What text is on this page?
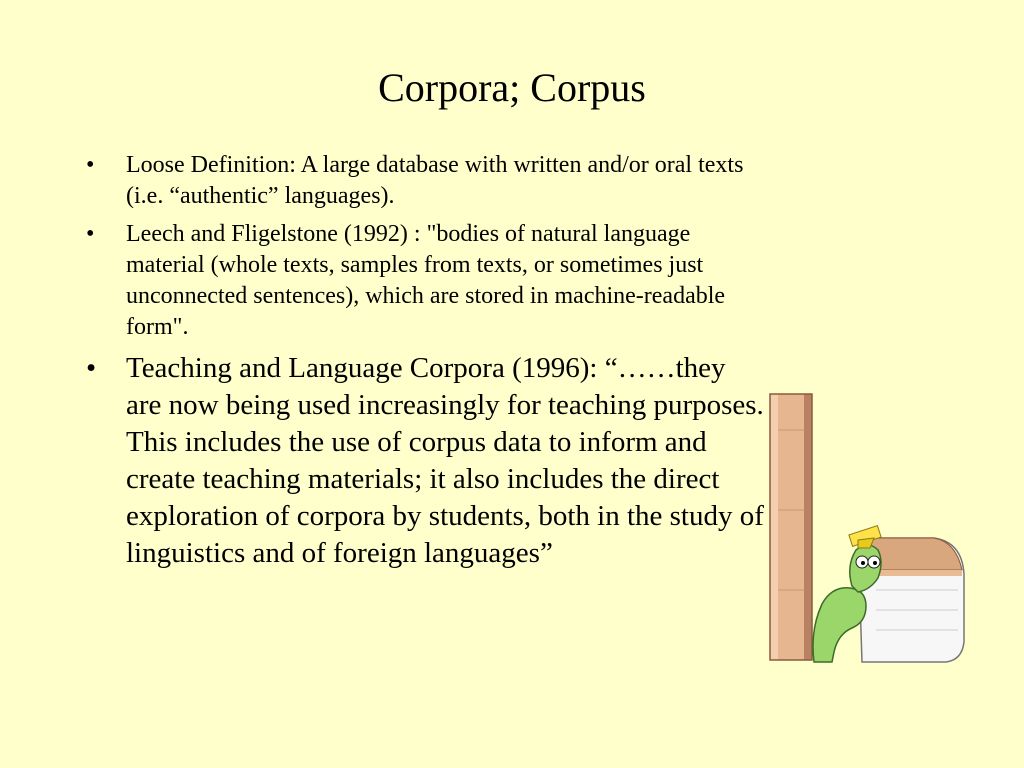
Corpora; Corpus
• Loose Definition: A large database with written and/or oral texts (i.e. “authentic” languages).
• Leech and Fligelstone (1992) : "bodies of natural language material (whole texts, samples from texts, or sometimes just unconnected sentences), which are stored in machine-readable form".
• Teaching and Language Corpora (1996): “……they are now being used increasingly for teaching purposes. This includes the use of corpus data to inform and create teaching materials; it also includes the direct exploration of corpora by students, both in the study of linguistics and of foreign languages”
